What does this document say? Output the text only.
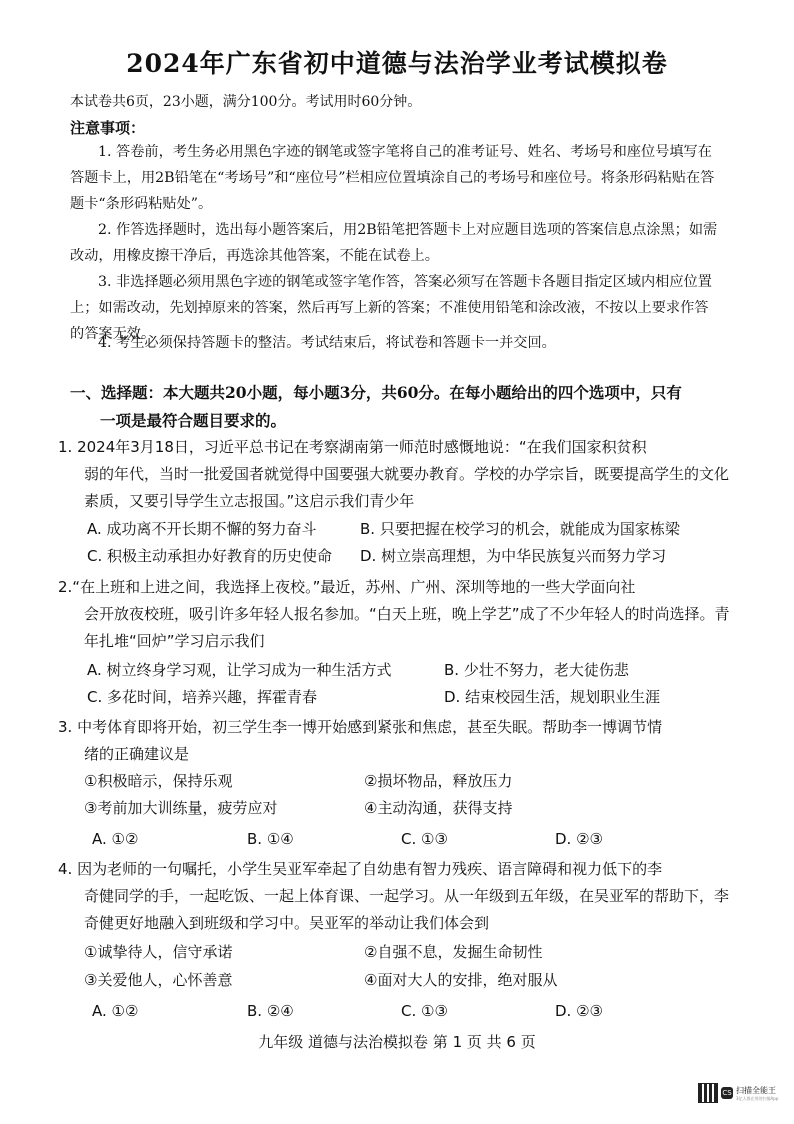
2024年广东省初中道德与法治学业考试模拟卷
本试卷共6页，23小题，满分100分。考试用时60分钟。
注意事项：
1. 答卷前，考生务必用黑色字迹的钢笔或签字笔将自己的准考证号、姓名、考场号和座位号填写在答题卡上，用2B铅笔在“考场号”和“座位号”栏相应位置填涂自己的考场号和座位号。将条形码粘贴在答题卡“条形码粘贴处”。
2. 作答选择题时，选出每小题答案后，用2B铅笔把答题卡上对应题目选项的答案信息点涂黑；如需改动，用橡皮擦干净后，再选涂其他答案，不能在试卷上。
3. 非选择题必须用黑色字迹的钢笔或签字笔作答，答案必须写在答题卡各题目指定区域内相应位置上；如需改动，先划掉原来的答案，然后再写上新的答案；不准使用铅笔和涂改液，不按以上要求作答的答案无效。
4. 考生必须保持答题卡的整洁。考试结束后，将试卷和答题卡一并交回。
一、选择题：本大题共20小题，每小题3分，共60分。在每小题给出的四个选项中，只有
一项是最符合题目要求的。
1. 2024年3月18日，习近平总书记在考察湖南第一师范时感慨地说：“在我们国家积贫积
弱的年代，当时一批爱国者就觉得中国要强大就要办教育。学校的办学宗旨，既要提高学生的文化素质，又要引导学生立志报国。”这启示我们青少年
A. 成功离不开长期不懈的努力奋斗	B. 只要把握在校学习的机会，就能成为国家栋梁
C. 积极主动承担办好教育的历史使命 D. 树立崇高理想，为中华民族复兴而努力学习
2.“在上班和上进之间，我选择上夜校。”最近，苏州、广州、深圳等地的一些大学面向社
会开放夜校班，吸引许多年轻人报名参加。“白天上班，晚上学艺”成了不少年轻人的时尚选择。青年扎堆“回炉”学习启示我们
A. 树立终身学习观，让学习成为一种生活方式	B. 少壮不努力，老大徒伤悲
C. 多花时间，培养兴趣，挥霍青春	D. 结束校园生活，规划职业生涯
3. 中考体育即将开始，初三学生李一博开始感到紧张和焦虑，甚至失眠。帮助李一博调节情
绪的正确建议是
①积极暗示，保持乐观	②损坏物品，释放压力
③考前加大训练量，疲劳应对	④主动沟通，获得支持
A. ①②	B. ①④	C. ①③	D. ②③
4. 因为老师的一句嘱托，小学生吴亚军牵起了自幼患有智力残疾、语言障碍和视力低下的李
奇健同学的手，一起吃饭、一起上体育课、一起学习。从一年级到五年级，在吴亚军的帮助下，李奇健更好地融入到班级和学习中。吴亚军的举动让我们体会到
①诚挚待人，信守承诺	②自强不息，发掘生命韧性
③关爱他人，心怀善意	④面对大人的安排，绝对服从
A. ①②	B. ②④	C. ①③	D. ②③
九年级 道德与法治模拟卷 第 1 页 共 6 页
CS 扫描全能王
3亿人都在用的扫描App
